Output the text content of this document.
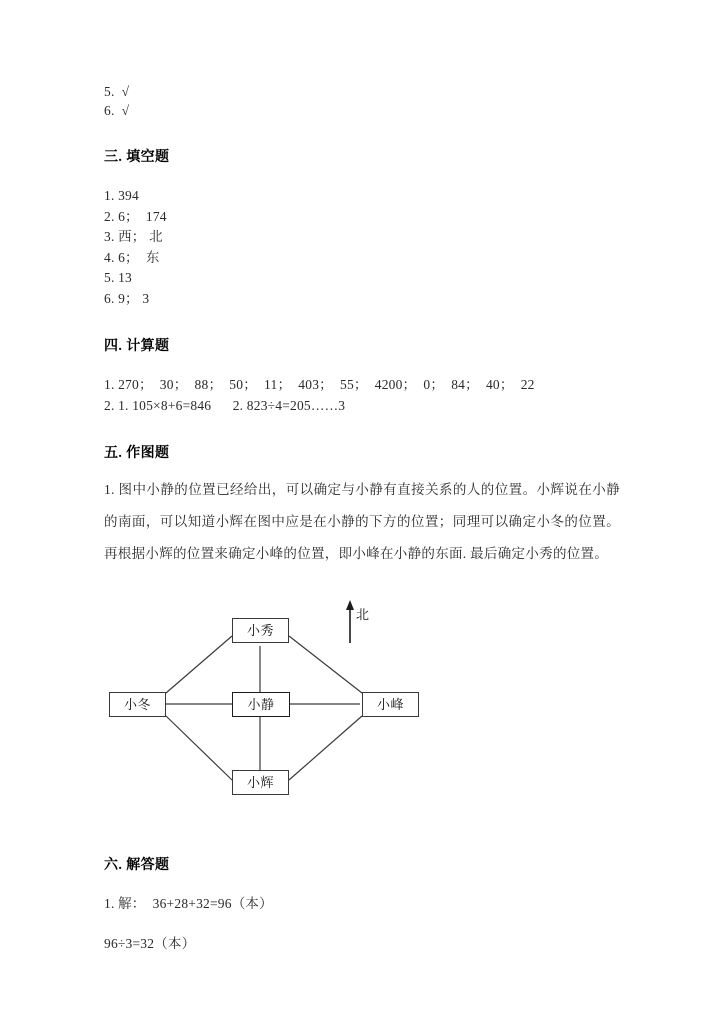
5.  √
6.  √
三. 填空题
1. 394
2. 6；  174
3. 西； 北
4. 6；  东
5. 13
6. 9； 3
四. 计算题
1. 270；  30；  88；  50；  11；  403；  55；  4200；  0；  84；  40；  22
2. 1. 105×8+6=846      2. 823÷4=205……3
五. 作图题
1. 图中小静的位置已经给出，可以确定与小静有直接关系的人的位置。小辉说在小静的南面，可以知道小辉在图中应是在小静的下方的位置；同理可以确定小冬的位置。再根据小辉的位置来确定小峰的位置，即小峰在小静的东面. 最后确定小秀的位置。
小秀
小冬	小静	小峰
小辉
北
六. 解答题
1. 解：  36+28+32=96（本）
96÷3=32（本）
